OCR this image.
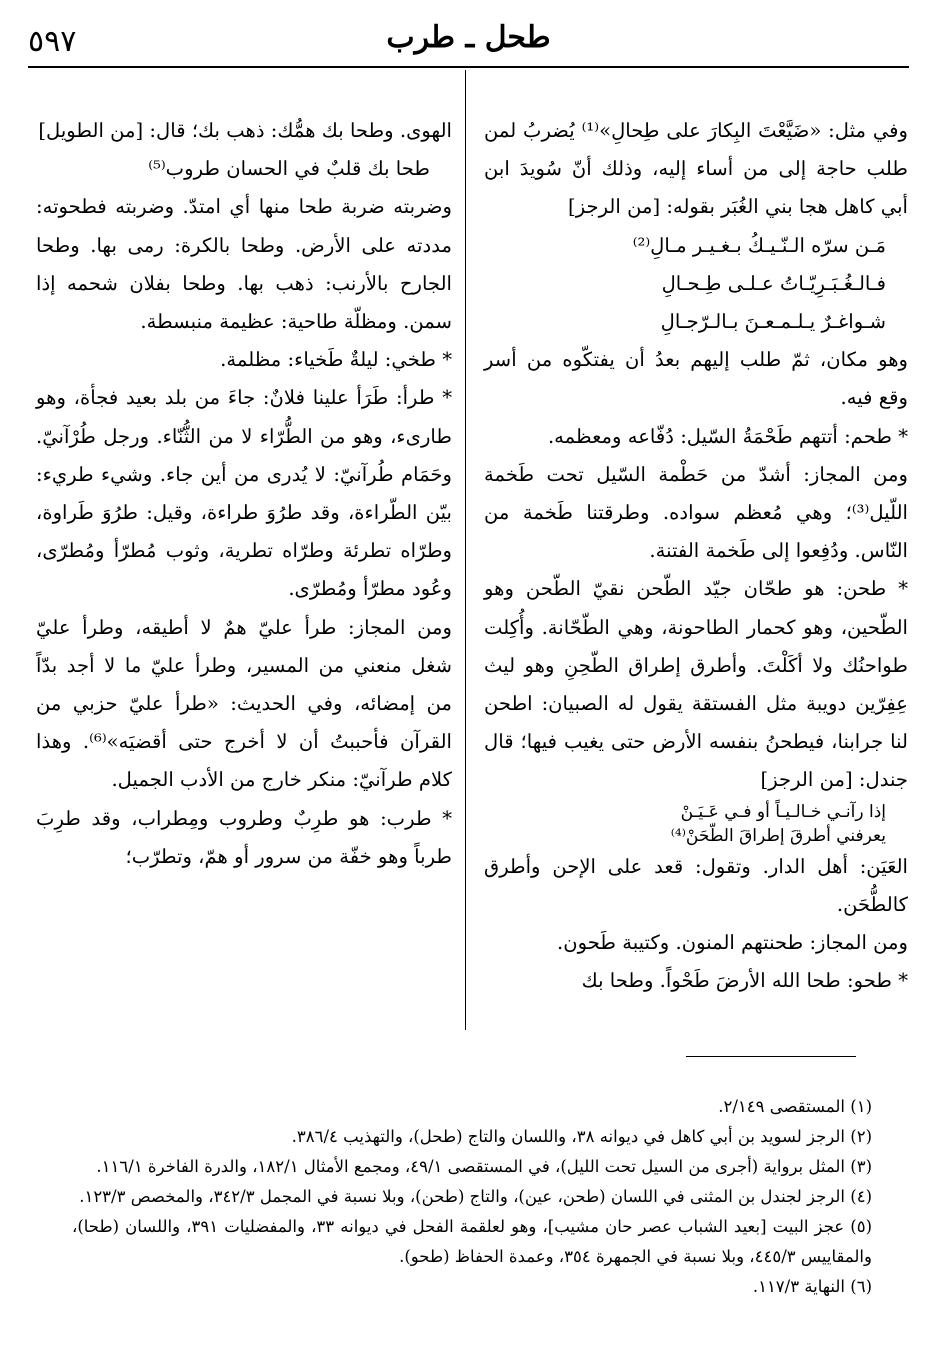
٥٩٧	طحل ـ طرب

وفي مثل: «ضَيَّعْتَ البِكارَ على طِحالِ»⁽¹⁾ يُضربُ لمن طلب حاجة إلى من أساء إليه، وذلك أنّ سُويدَ ابن أبي كاهل هجا بني الغُبَر بقوله: [من الرجز]

مَـن سرّه الـنّـيـكُ بـغـيـر مـالِ⁽²⁾
فـالـغُـبَـرِيّـاتُ عـلـى طِـحـالِ
شـواغـرٌ يـلـمـعـنَ بـالـرّجـالِ

وهو مكان، ثمّ طلب إليهم بعدُ أن يفتكّوه من أسر وقع فيه.

* طحم: أتتهم طَحْمَةُ السّيل: دُفّاعه ومعظمه.

ومن المجاز: أشدّ من حَطْمة السّيل تحت طَخمة اللّيل⁽³⁾؛ وهي مُعظم سواده. وطرقتنا طَخمة من النّاس. ودُفِعوا إلى طَخمة الفتنة.

* طحن: هو طحّان جيّد الطّحن نقيّ الطّحن وهو الطّحين، وهو كحمار الطاحونة، وهي الطّحّانة. وأُكِلت طواحنُك ولا أكَلْتَ. وأطرق إطراق الطّحِنِ وهو ليث عِفِرّين دويبة مثل الفستقة يقول له الصبيان: اطحن لنا جرابنا، فيطحنُ بنفسه الأرض حتى يغيب فيها؛ قال جندل: [من الرجز]

إذا رآنـي خـالـيـاً أو فـي عَـيَـنْ
يعرفني أطرقَ إطراقَ الطّحَنْ⁽⁴⁾

العَيَن: أهل الدار. وتقول: قعد على الإحن وأطرق كالطُّحَن.

ومن المجاز: طحنتهم المنون. وكتيبة طَحون.

* طحو: طحا الله الأرضَ طَحْواً. وطحا بك

الهوى. وطحا بك همُّك: ذهب بك؛ قال: [من الطويل]

طحا بك قلبٌ في الحسان طروب⁽⁵⁾

وضربته ضربة طحا منها أي امتدّ. وضربته فطحوته: مددته على الأرض. وطحا بالكرة: رمى بها. وطحا الجارح بالأرنب: ذهب بها. وطحا بفلان شحمه إذا سمن. ومظلّة طاحية: عظيمة منبسطة.

* طخي: ليلةٌ طَخياء: مظلمة.

* طرأ: طَرَأ علينا فلانٌ: جاءَ من بلد بعيد فجأة، وهو طارىء، وهو من الطُّرّاء لا من الثُّنّاء. ورجل طُرْآنيّ. وحَمَام طُرآنيّ: لا يُدرى من أين جاء. وشيء طريء: بيّن الطّراءة، وقد طرُوَ طراءة، وقيل: طرُوَ طَراوة، وطرّاه تطرئة وطرّاه تطرية، وثوب مُطرّأ ومُطرّى، وعُود مطرّأ ومُطرّى.

ومن المجاز: طرأ عليّ همٌ لا أطيقه، وطرأ عليّ شغل منعني من المسير، وطرأ عليّ ما لا أجد بدّاً من إمضائه، وفي الحديث: «طرأ عليّ حزبي من القرآن فأحببتُ أن لا أخرج حتى أقضيَه»⁽⁶⁾. وهذا كلام طرآنيّ: منكر خارج من الأدب الجميل.

* طرب: هو طرِبٌ وطروب ومِطراب، وقد طرِبَ طرباً وهو خفّة من سرور أو همّ، وتطرّب؛

(١) المستقصى ٢/١٤٩.

(٢) الرجز لسويد بن أبي كاهل في ديوانه ٣٨، واللسان والتاج (طحل)، والتهذيب ٣٨٦/٤.

(٣) المثل برواية (أجرى من السيل تحت الليل)، في المستقصى ٤٩/١، ومجمع الأمثال ١٨٢/١، والدرة الفاخرة ١١٦/١.

(٤) الرجز لجندل بن المثنى في اللسان (طحن، عين)، والتاج (طحن)، وبلا نسبة في المجمل ٣٤٢/٣، والمخصص ١٢٣/٣.

(٥) عجز البيت [بعيد الشباب عصر حان مشيب]، وهو لعلقمة الفحل في ديوانه ٣٣، والمفضليات ٣٩١، واللسان (طحا)، والمقاييس ٤٤٥/٣، وبلا نسبة في الجمهرة ٣٥٤، وعمدة الحفاظ (طحو).

(٦) النهاية ١١٧/٣.
